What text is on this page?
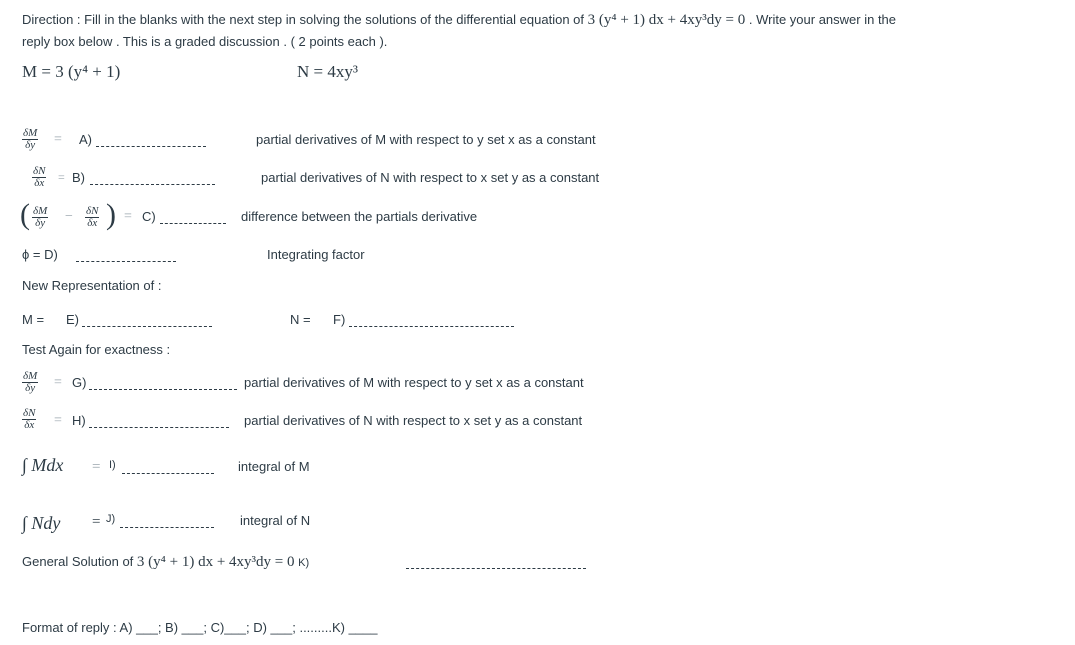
Direction : Fill in the blanks with the next step in solving the solutions of the differential equation of 3 (y⁴ + 1) dx + 4xy³dy = 0 . Write your answer in the
reply box below . This is a graded discussion . ( 2 points each ).
M = 3 (y⁴ + 1)	N = 4xy³
$\frac{\delta M}{\delta y} = A$)	partial derivatives of M with respect to y set x as a constant
$\frac{\delta N}{\delta x} = B$)	partial derivatives of N with respect to x set y as a constant
( $\frac{\delta M}{\delta y} - \frac{\delta N}{\delta x}$ ) = C)	difference between the partials derivative
ϕ = D)	Integrating factor
New Representation of :
M = E)	N = F)
Test Again for exactness :
$\frac{\delta M}{\delta y} = G$)	partial derivatives of M with respect to y set x as a constant
$\frac{\delta N}{\delta x} = H$)	partial derivatives of N with respect to x set y as a constant
∫ Mdx = I)	integral of M
∫ Ndy = J)	integral of N
General Solution of 3 (y⁴ + 1) dx + 4xy³dy = 0 K)
Format of reply : A) ___; B) ___; C)___; D) ___; .........K) ____
